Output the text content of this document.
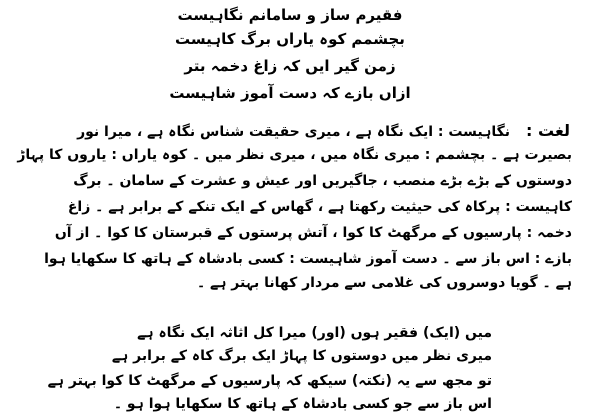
فقیرم ساز و سامانم نگاہیست
بچشمم کوہ یاراں برگ کاہیست
زمن گیر ایں کہ زاغ دخمہ بتر
ازاں بازے کہ دست آموز شاہیست
لغت :
نگاہیست : ایک نگاہ ہے ، میری حقیقت شناس نگاہ ہے ، میرا نور
بصیرت ہے ۔ بچشمم : میری نگاہ میں ، میری نظر میں ۔ کوہ یاراں : یاروں کا پہاڑ
دوستوں کے بڑے بڑے منصب ، جاگیریں اور عیش و عشرت کے سامان ۔ برگ
کاہیست : پرکاہ کی حیثیت رکھتا ہے ، گھاس کے ایک تنکے کے برابر ہے ۔ زاغ
دخمہ : پارسیوں کے مرگھٹ کا کوا ، آتش پرستوں کے قبرستان کا کوا ۔ از آں
بازے : اس باز سے ۔ دست آموز شاہیست : کسی بادشاہ کے ہاتھ کا سکھایا ہوا
ہے ۔ گویا دوسروں کی غلامی سے مردار کھانا بہتر ہے ۔
میں (ایک) فقیر ہوں (اور) میرا کل اثاثہ ایک نگاہ ہے
میری نظر میں دوستوں کا پہاڑ ایک برگ کاہ کے برابر ہے
تو مجھ سے یہ (نکتہ) سیکھ کہ پارسیوں کے مرگھٹ کا کوا بہتر ہے
اس باز سے جو کسی بادشاہ کے ہاتھ کا سکھایا ہوا ہو ۔
